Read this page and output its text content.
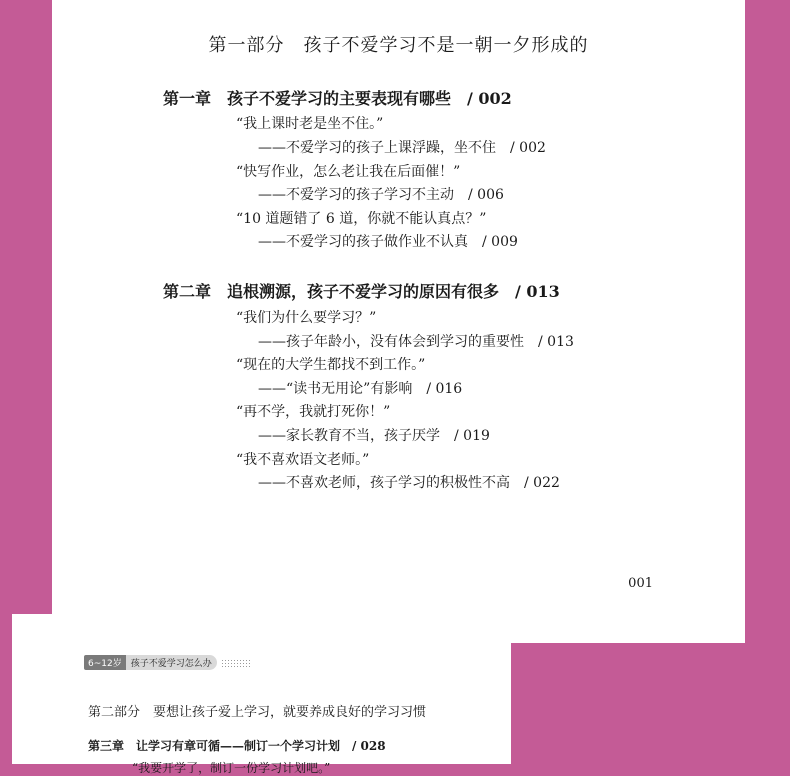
第一部分　孩子不爱学习不是一朝一夕形成的
第一章　孩子不爱学习的主要表现有哪些　/ 002
“我上课时老是坐不住。”
——不爱学习的孩子上课浮躁，坐不住　/ 002
“快写作业，怎么老让我在后面催！”
——不爱学习的孩子学习不主动　/ 006
“10 道题错了 6 道，你就不能认真点？”
——不爱学习的孩子做作业不认真　/ 009
第二章　追根溯源，孩子不爱学习的原因有很多　/ 013
“我们为什么要学习？”
——孩子年龄小，没有体会到学习的重要性　/ 013
“现在的大学生都找不到工作。”
——“读书无用论”有影响　/ 016
“再不学，我就打死你！”
——家长教育不当，孩子厌学　/ 019
“我不喜欢语文老师。”
——不喜欢老师，孩子学习的积极性不高　/ 022
001
6~12岁	孩子不爱学习怎么办
第二部分　要想让孩子爱上学习，就要养成良好的学习习惯
第三章　让学习有章可循——制订一个学习计划　/ 028
“我要开学了，制订一份学习计划吧。”
